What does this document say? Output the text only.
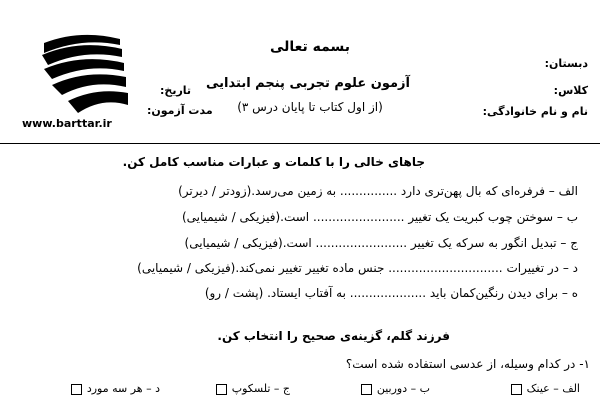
www.barttar.ir
بسمه تعالی
آزمون علوم تجربی پنجم ابتدایی
(از اول کتاب تا پایان درس ۳)
دبستان:
کلاس:
نام و نام خانوادگی:
تاریخ:
مدت آزمون:
جاهای خالی را با کلمات و عبارات مناسب کامل کن.
الف – فرفره‌ای که بال پهن‌تری دارد ............... به زمین می‌رسد.(زودتر / دیرتر)
ب – سوختن چوب کبریت یک تغییر ........................ است.(فیزیکی / شیمیایی)
ج – تبدیل انگور به سرکه یک تغییر ........................ است.(فیزیکی / شیمیایی)
د – در تغییرات .............................. جنس ماده تغییر تغییر نمی‌کند.(فیزیکی / شیمیایی)
ه – برای دیدن رنگین‌کمان باید .................... به آفتاب ایستاد. (پشت / رو)
فرزند گلم، گزینه‌ی صحیح را انتخاب کن.
۱- در کدام وسیله، از عدسی استفاده شده است؟
الف – عینک
ب – دوربین
ج – تلسکوپ
د – هر سه مورد
